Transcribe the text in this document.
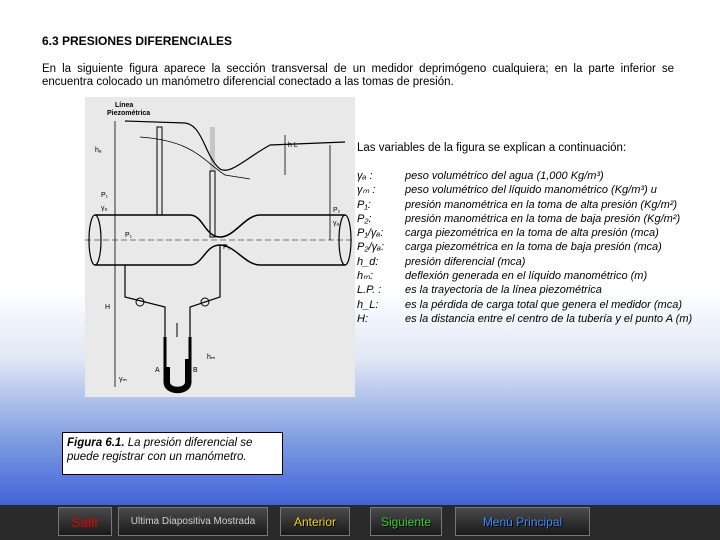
6.3 PRESIONES DIFERENCIALES
En la siguiente figura aparece la sección transversal de un medidor deprimógeno cualquiera; en la parte inferior se encuentra colocado un manómetro diferencial conectado a las tomas de presión.
Línea
Piezométrica
hₐ
h L
P₁
γₐ	P₂
γₐ
P₁
P₂
H
hₘ
A	B
γₘ
Figura 6.1. La presión diferencial se puede registrar con un manómetro.
Las variables de la figura se explican a continuación:
γₐ :	peso volumétrico del agua (1,000 Kg/m³)
γₘ :	peso volumétrico del líquido manométrico (Kg/m³) u
P₁:	presión manométrica en la toma de alta presión (Kg/m²)
P₂:	presión manométrica en la toma de baja presión (Kg/m²)
P₁/γₐ:	carga piezométrica en la toma de alta presión (mca)
P₂/γₐ:	carga piezométrica en la toma de baja presión (mca)
h_d:	presión diferencial (mca)
hₘ:	deflexión generada en el líquido manométrico (m)
L.P. :	es la trayectoria de la línea piezométrica
h_L:	es la pérdida de carga total que genera el medidor (mca)
H:	es la distancia entre el centro de la tubería y el punto A (m)
Salir	Ultima Diapositiva Mostrada	Anterior	Siguiente	Menú Principal
